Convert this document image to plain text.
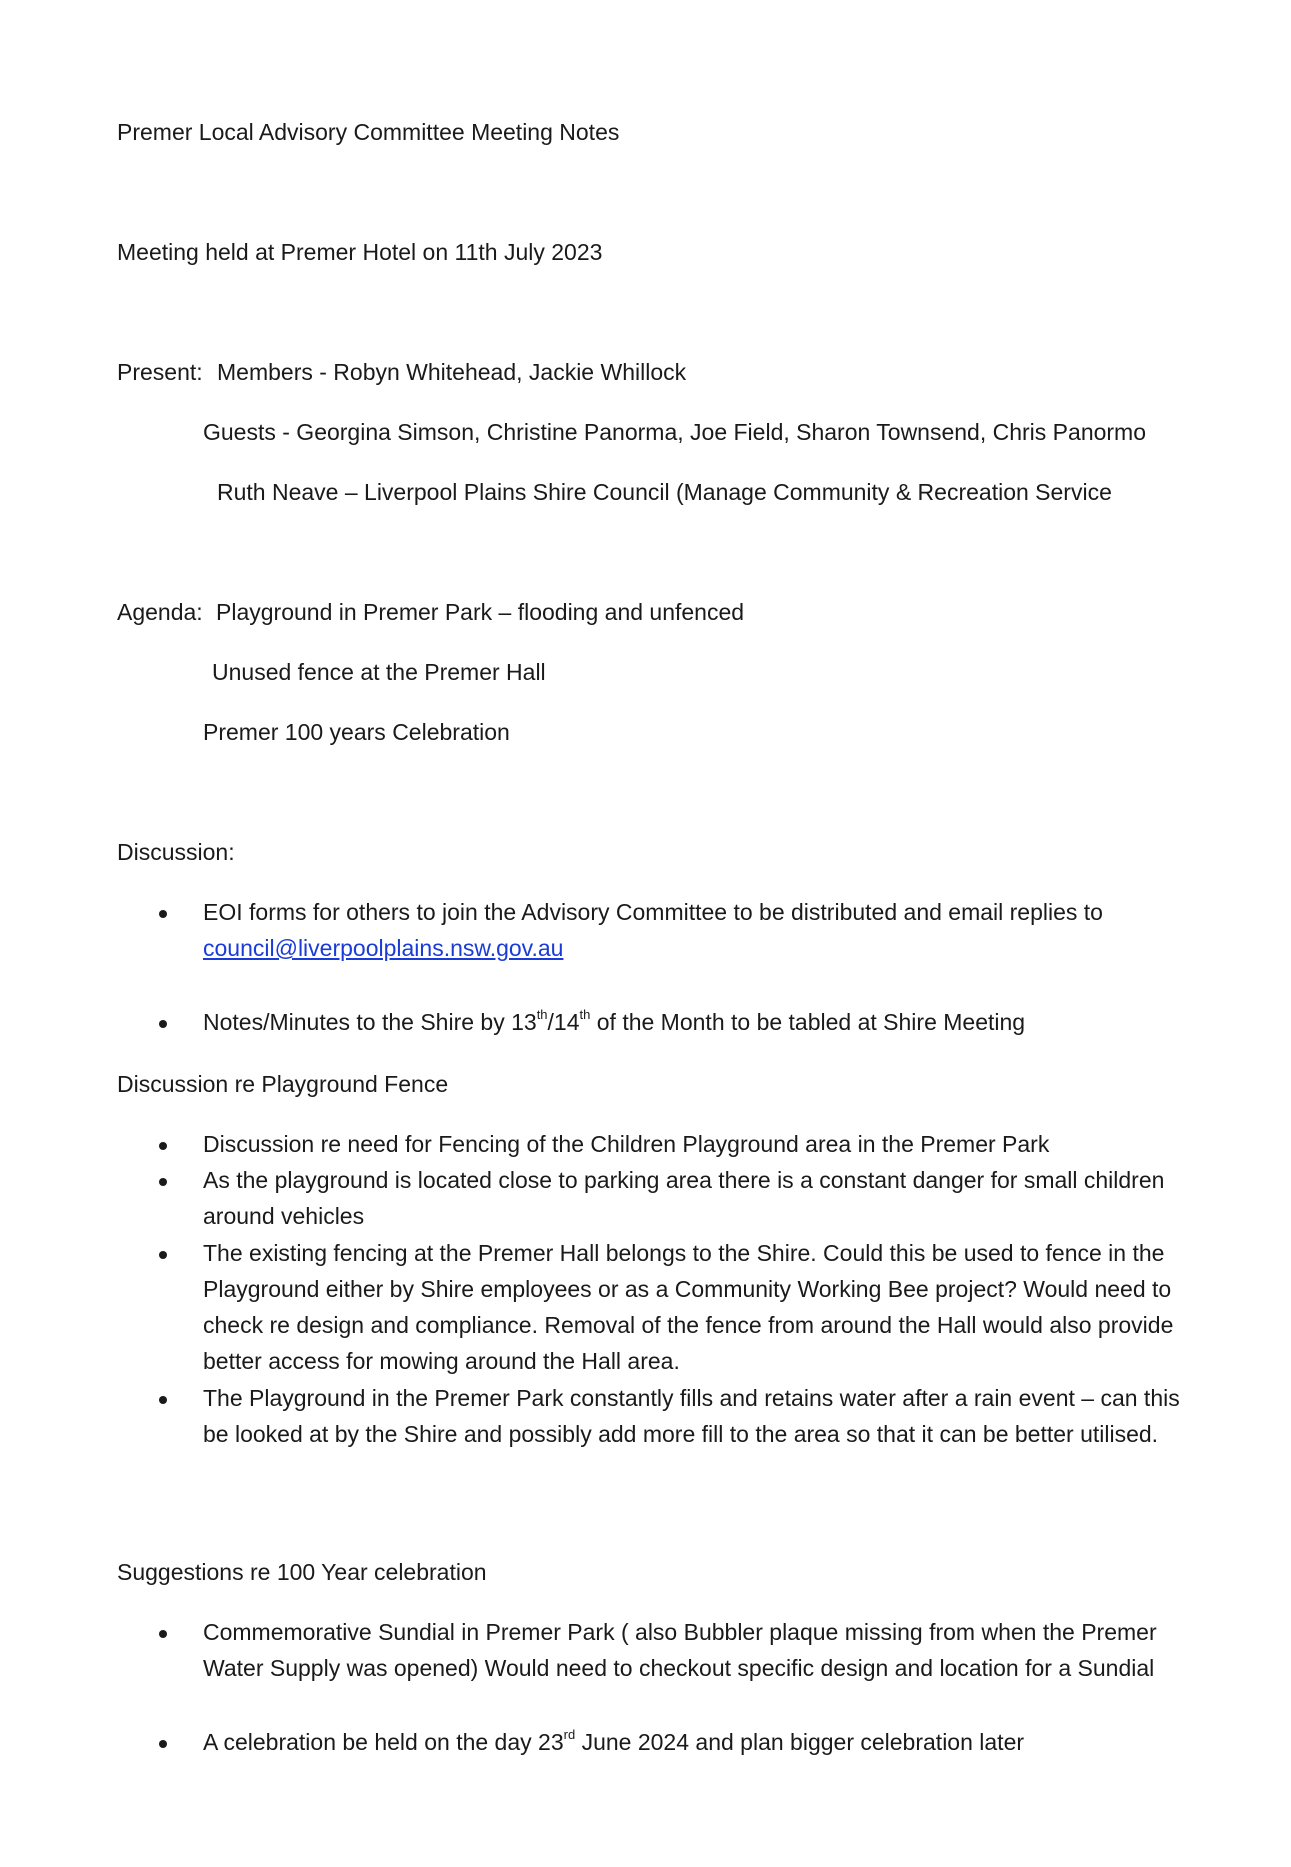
Premer Local Advisory Committee Meeting Notes
Meeting held at Premer Hotel on 11th July 2023
Present: Members - Robyn Whitehead, Jackie Whillock
Guests - Georgina Simson, Christine Panorma, Joe Field, Sharon Townsend, Chris Panormo
Ruth Neave – Liverpool Plains Shire Council (Manage Community & Recreation Service
Agenda: Playground in Premer Park – flooding and unfenced
Unused fence at the Premer Hall
Premer 100 years Celebration
Discussion:
EOI forms for others to join the Advisory Committee to be distributed and email replies to
council@liverpoolplains.nsw.gov.au
Notes/Minutes to the Shire by 13th/14th of the Month to be tabled at Shire Meeting
Discussion re Playground Fence
Discussion re need for Fencing of the Children Playground area in the Premer Park
As the playground is located close to parking area there is a constant danger for small children around vehicles
The existing fencing at the Premer Hall belongs to the Shire. Could this be used to fence in the Playground either by Shire employees or as a Community Working Bee project? Would need to check re design and compliance. Removal of the fence from around the Hall would also provide better access for mowing around the Hall area.
The Playground in the Premer Park constantly fills and retains water after a rain event – can this be looked at by the Shire and possibly add more fill to the area so that it can be better utilised.
Suggestions re 100 Year celebration
Commemorative Sundial in Premer Park ( also Bubbler plaque missing from when the Premer Water Supply was opened) Would need to checkout specific design and location for a Sundial
A celebration be held on the day 23rd June 2024 and plan bigger celebration later
